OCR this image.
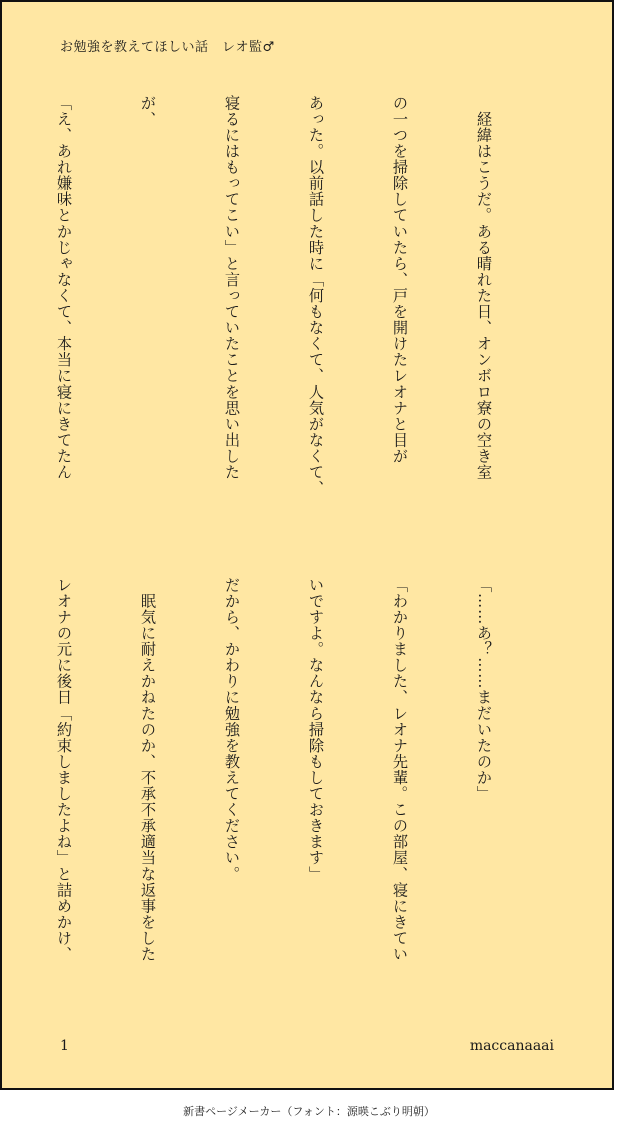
お勉強を教えてほしい話　レオ監♂

　経緯はこうだ。ある晴れた日、オンボロ寮の空き室

の一つを掃除していたら、戸を開けたレオナと目が

あった。以前話した時に「何もなくて、人気がなくて、

寝るにはもってこい」と言っていたことを思い出した

が、

「え、あれ嫌味とかじゃなくて、本当に寝にきてたん

「……あ？……まだいたのか」

「わかりました、レオナ先輩。この部屋、寝にきてい

いですよ。なんなら掃除もしておきます」

だから、かわりに勉強を教えてください。

　眠気に耐えかねたのか、不承不承適当な返事をした

レオナの元に後日「約束しましたよね」と詰めかけ、

1	maccanaaai
新書ページメーカー（フォント：源暎こぶり明朝）
